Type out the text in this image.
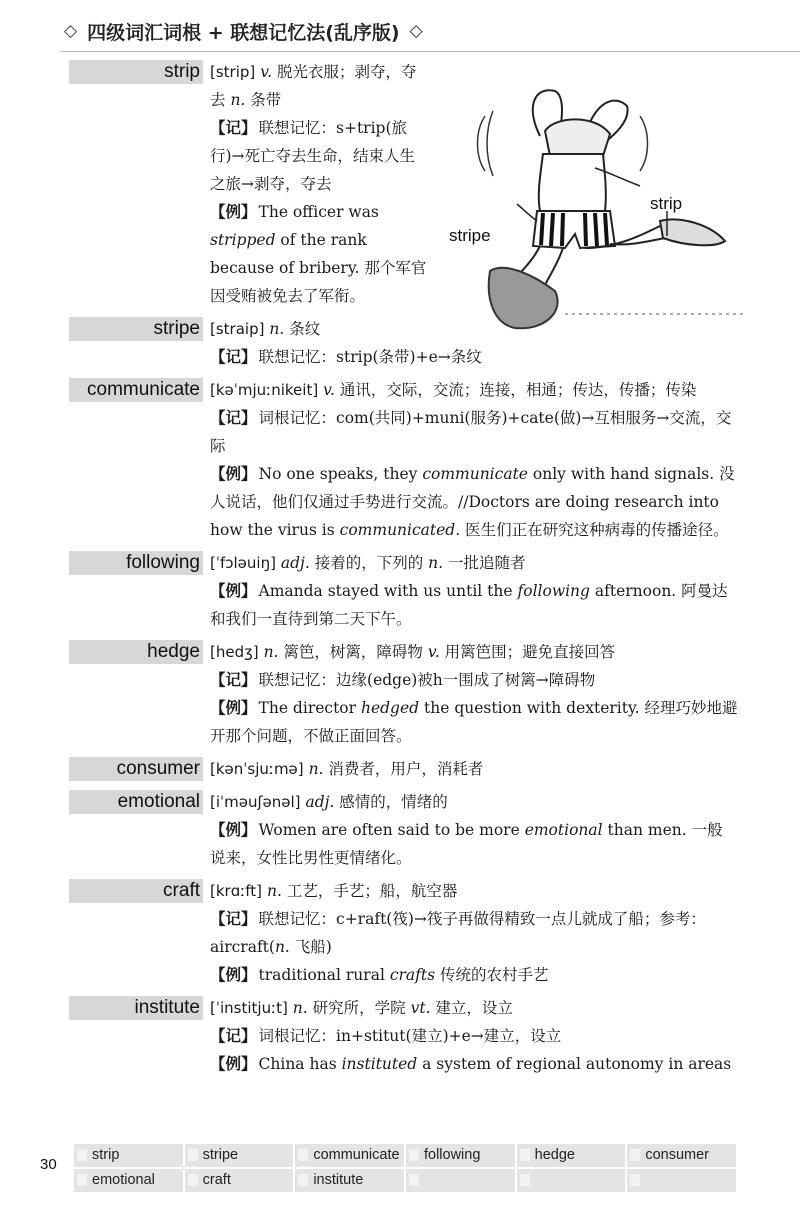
◇ 四级词汇词根 + 联想记忆法(乱序版) ◇
strip [strip] v. 脱光衣服；剥夺，夺去 n. 条带

【记】 联想记忆：s+trip(旅行)→死亡夺去生命，结束人生之旅→剥夺，夺去

【例】 The officer was stripped of the rank because of bribery. 那个军官因受贿被免去了军衔。

strip
stripe
stripe [straip] n. 条纹

【记】 联想记忆：strip(条带)+e→条纹

communicate [kəˈmjuːnikeit] v. 通讯，交际，交流；连接，相通；传达，传播；传染

【记】 词根记忆：com(共同)+muni(服务)+cate(做)→互相服务→交流，交际

【例】 No one speaks, they communicate only with hand signals. 没人说话，他们仅通过手势进行交流。//Doctors are doing research into how the virus is communicated. 医生们正在研究这种病毒的传播途径。

following [ˈfɔləuiŋ] adj. 接着的，下列的 n. 一批追随者

【例】 Amanda stayed with us until the following afternoon. 阿曼达和我们一直待到第二天下午。

hedge [hedʒ] n. 篱笆，树篱，障碍物 v. 用篱笆围；避免直接回答

【记】 联想记忆：边缘(edge)被h一围成了树篱→障碍物

【例】 The director hedged the question with dexterity. 经理巧妙地避开那个问题，不做正面回答。

consumer [kənˈsjuːmə] n. 消费者，用户，消耗者

emotional [iˈməuʃənəl] adj. 感情的，情绪的

【例】 Women are often said to be more emotional than men. 一般说来，女性比男性更情绪化。

craft [krɑːft] n. 工艺，手艺；船，航空器

【记】 联想记忆：c+raft(筏)→筏子再做得精致一点儿就成了船；参考：aircraft(n. 飞船)

【例】 traditional rural crafts 传统的农村手艺

institute [ˈinstitjuːt] n. 研究所，学院 vt. 建立，设立

【记】 词根记忆：in+stitut(建立)+e→建立，设立

【例】 China has instituted a system of regional autonomy in areas

30
strip	stripe	communicate	following	hedge	consumer
emotional	craft	institute
